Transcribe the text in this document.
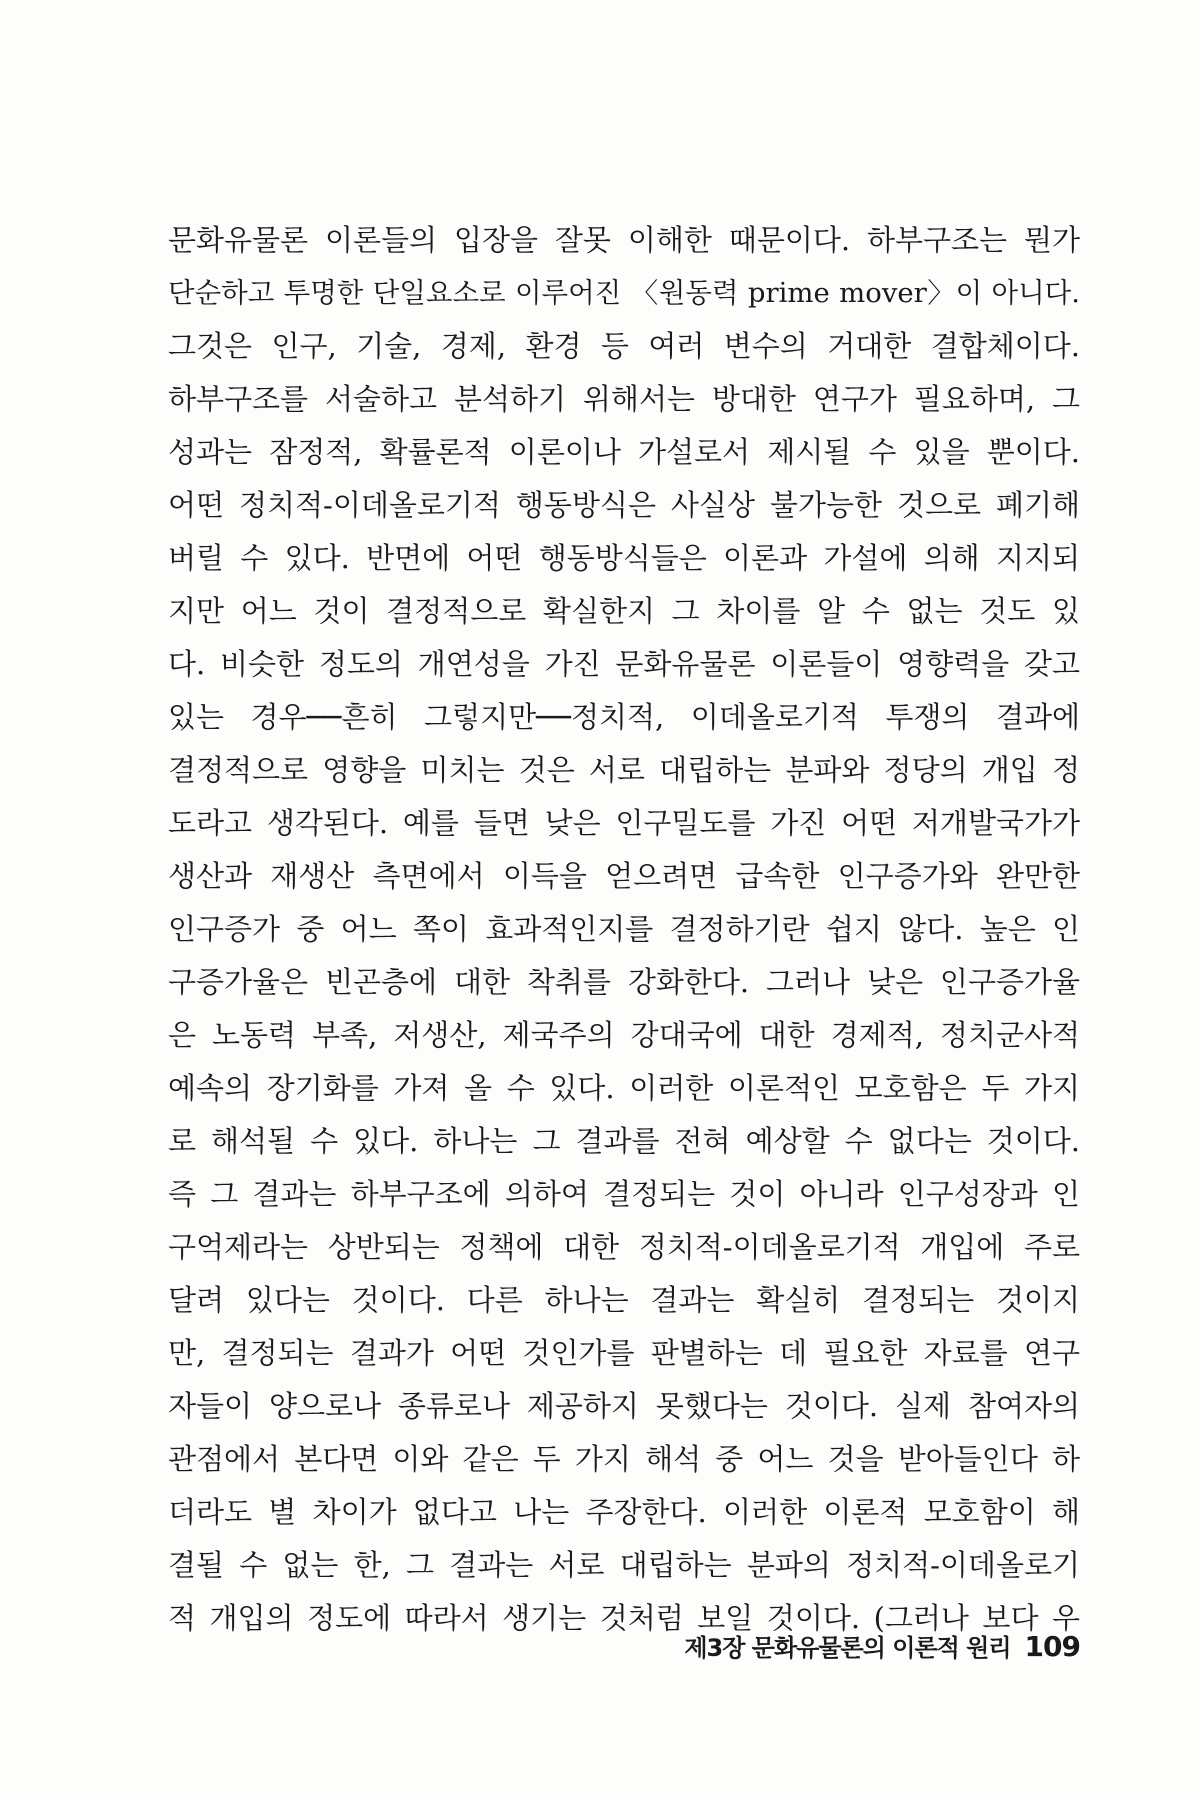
문화유물론 이론들의 입장을 잘못 이해한 때문이다. 하부구조는 뭔가
단순하고 투명한 단일요소로 이루어진 〈원동력 prime mover〉이 아니다.
그것은 인구, 기술, 경제, 환경 등 여러 변수의 거대한 결합체이다.
하부구조를 서술하고 분석하기 위해서는 방대한 연구가 필요하며, 그
성과는 잠정적, 확률론적 이론이나 가설로서 제시될 수 있을 뿐이다.
어떤 정치적-이데올로기적 행동방식은 사실상 불가능한 것으로 폐기해
버릴 수 있다. 반면에 어떤 행동방식들은 이론과 가설에 의해 지지되
지만 어느 것이 결정적으로 확실한지 그 차이를 알 수 없는 것도 있
다. 비슷한 정도의 개연성을 가진 문화유물론 이론들이 영향력을 갖고
있는 경우──흔히 그렇지만──정치적, 이데올로기적 투쟁의 결과에
결정적으로 영향을 미치는 것은 서로 대립하는 분파와 정당의 개입 정
도라고 생각된다. 예를 들면 낮은 인구밀도를 가진 어떤 저개발국가가
생산과 재생산 측면에서 이득을 얻으려면 급속한 인구증가와 완만한
인구증가 중 어느 쪽이 효과적인지를 결정하기란 쉽지 않다. 높은 인
구증가율은 빈곤층에 대한 착취를 강화한다. 그러나 낮은 인구증가율
은 노동력 부족, 저생산, 제국주의 강대국에 대한 경제적, 정치군사적
예속의 장기화를 가져 올 수 있다. 이러한 이론적인 모호함은 두 가지
로 해석될 수 있다. 하나는 그 결과를 전혀 예상할 수 없다는 것이다.
즉 그 결과는 하부구조에 의하여 결정되는 것이 아니라 인구성장과 인
구억제라는 상반되는 정책에 대한 정치적-이데올로기적 개입에 주로
달려 있다는 것이다. 다른 하나는 결과는 확실히 결정되는 것이지
만, 결정되는 결과가 어떤 것인가를 판별하는 데 필요한 자료를 연구
자들이 양으로나 종류로나 제공하지 못했다는 것이다. 실제 참여자의
관점에서 본다면 이와 같은 두 가지 해석 중 어느 것을 받아들인다 하
더라도 별 차이가 없다고 나는 주장한다. 이러한 이론적 모호함이 해
결될 수 없는 한, 그 결과는 서로 대립하는 분파의 정치적-이데올로기
적 개입의 정도에 따라서 생기는 것처럼 보일 것이다. (그러나 보다 우
제3장 문화유물론의 이론적 원리 109
